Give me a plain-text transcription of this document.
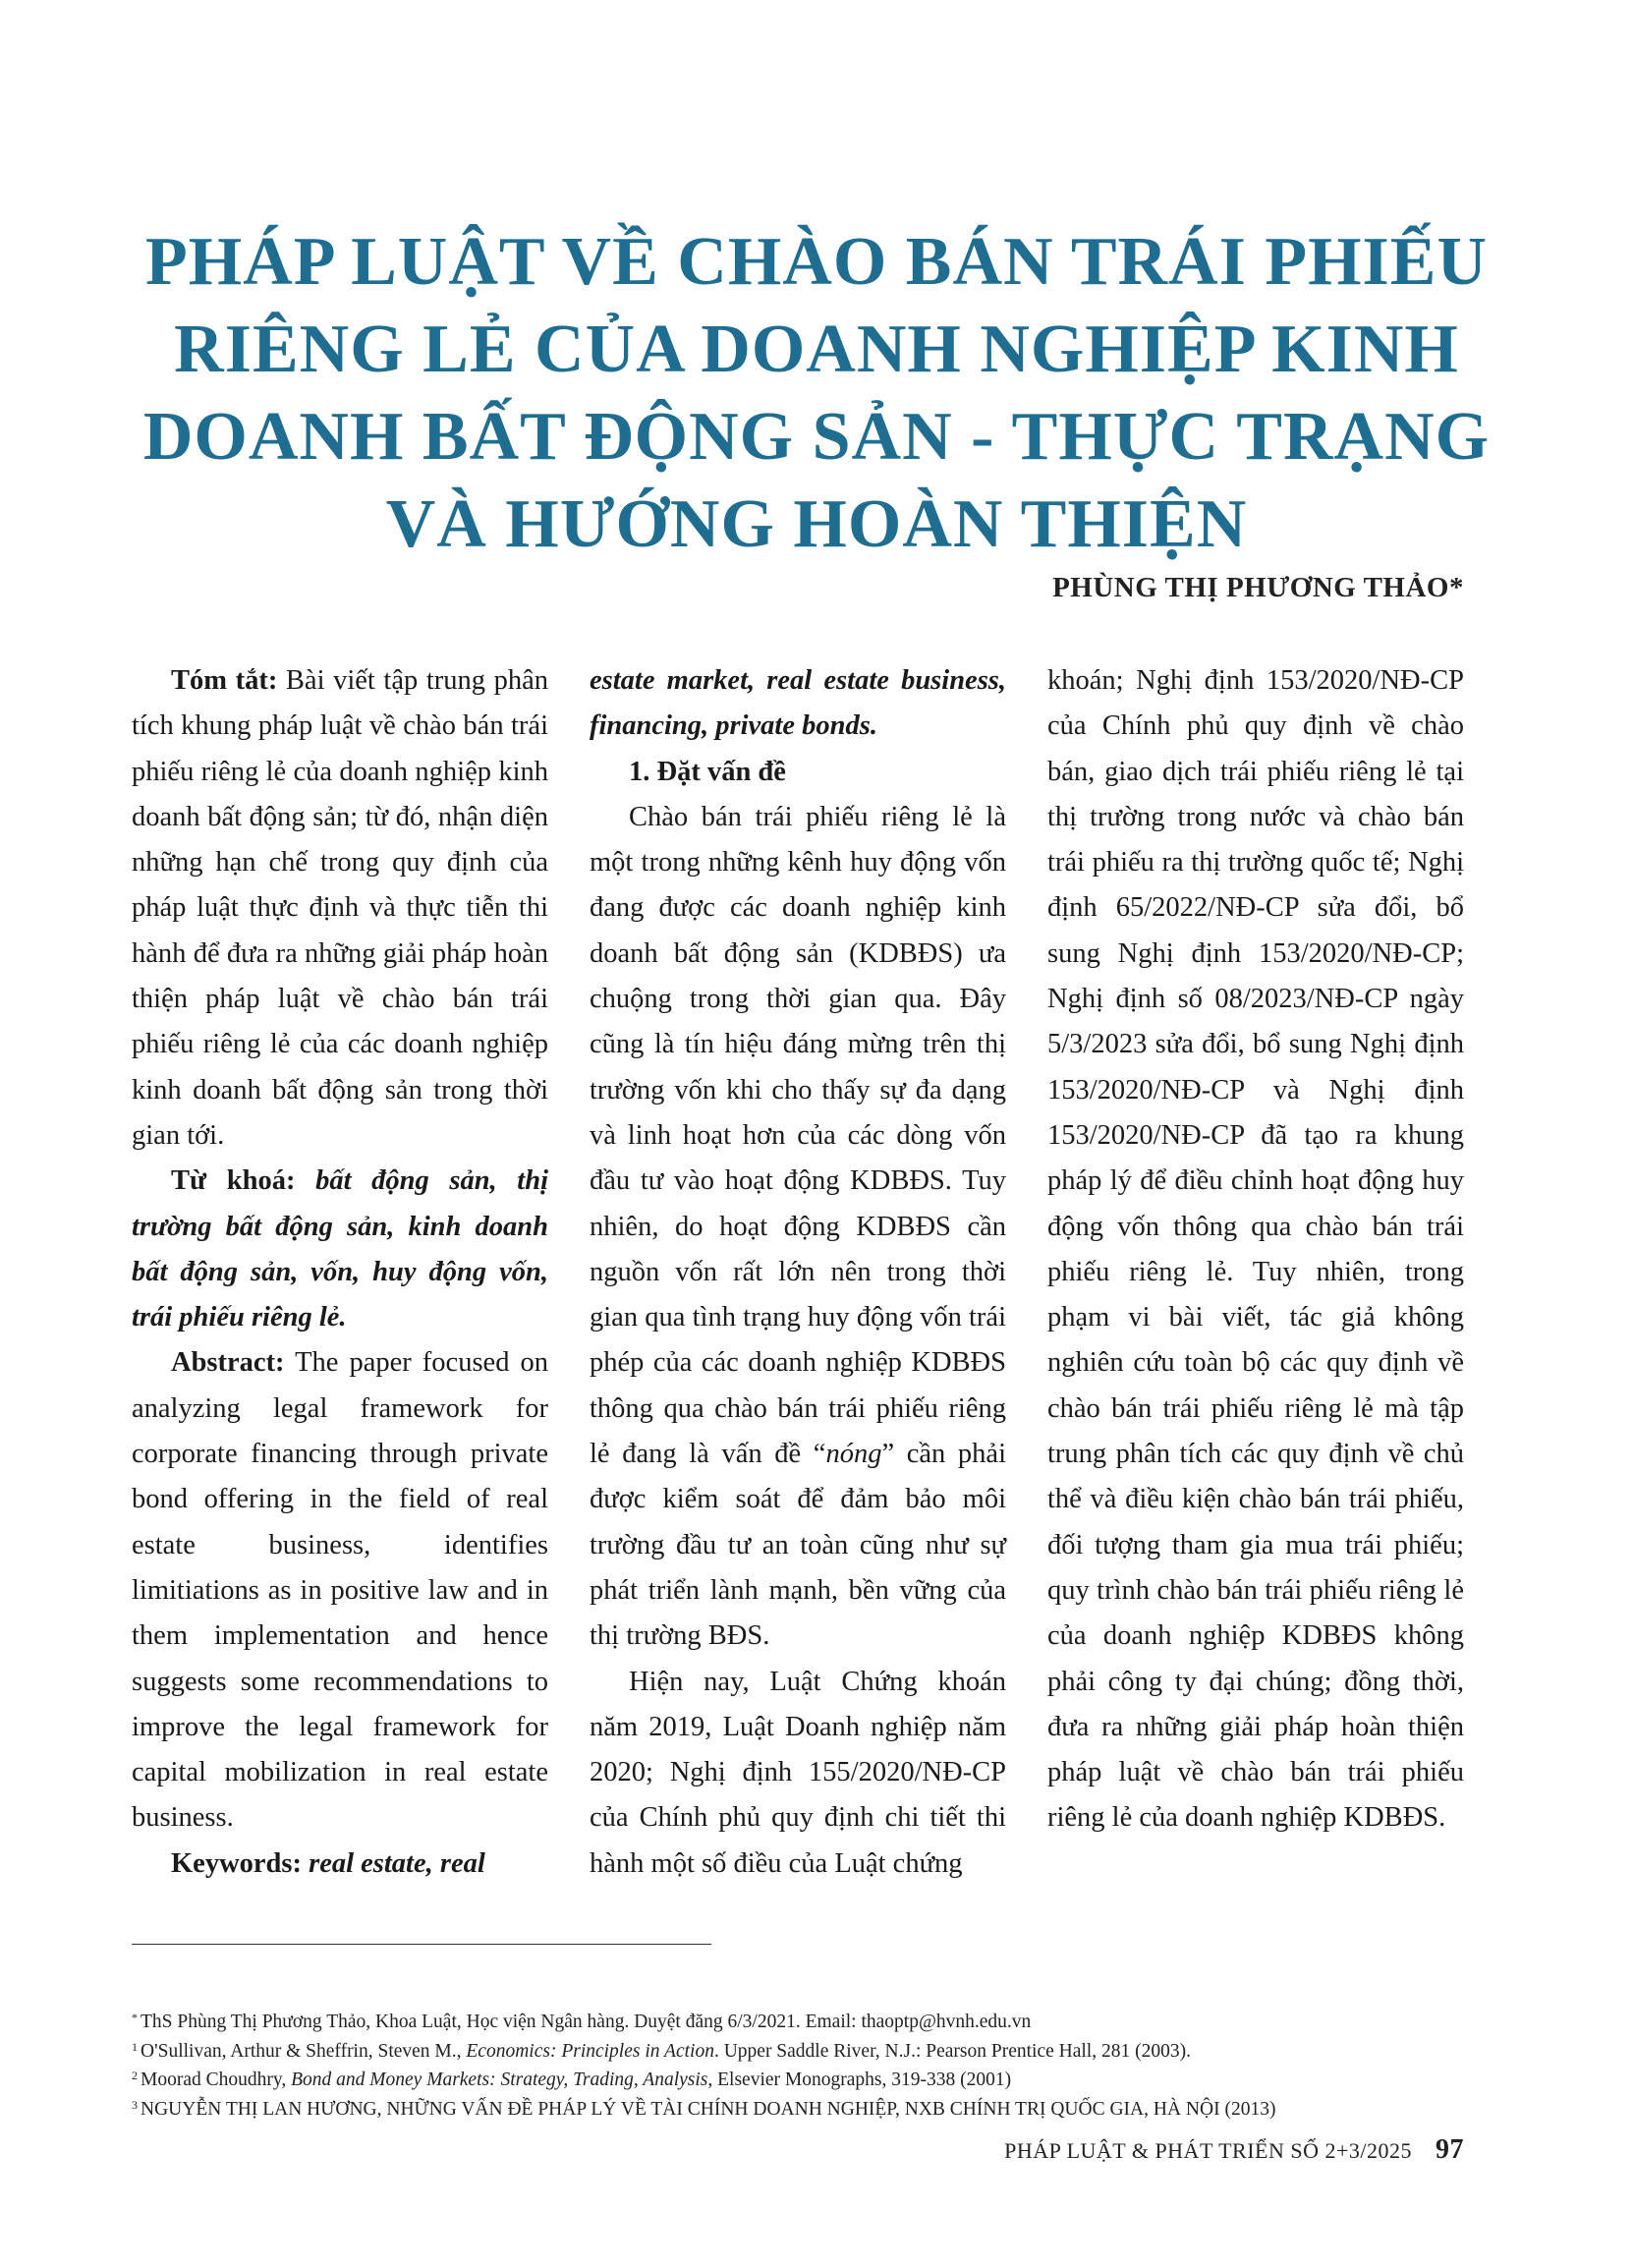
PHÁP LUẬT VỀ CHÀO BÁN TRÁI PHIẾU
RIÊNG LẺ CỦA DOANH NGHIỆP KINH
DOANH BẤT ĐỘNG SẢN - THỰC TRẠNG
VÀ HƯỚNG HOÀN THIỆN
PHÙNG THỊ PHƯƠNG THẢO*

Tóm tắt: Bài viết tập trung phân tích khung pháp luật về chào bán trái phiếu riêng lẻ của doanh nghiệp kinh doanh bất động sản; từ đó, nhận diện những hạn chế trong quy định của pháp luật thực định và thực tiễn thi hành để đưa ra những giải pháp hoàn thiện pháp luật về chào bán trái phiếu riêng lẻ của các doanh nghiệp kinh doanh bất động sản trong thời gian tới.

Từ khoá: bất động sản, thị trường bất động sản, kinh doanh bất động sản, vốn, huy động vốn, trái phiếu riêng lẻ.

Abstract: The paper focused on analyzing legal framework for corporate financing through private bond offering in the field of real estate business, identifies limitiations as in positive law and in them implementation and hence suggests some recommendations to improve the legal framework for capital mobilization in real estate business.

Keywords: real estate, real

estate market, real estate business, financing, private bonds.

1. Đặt vấn đề

Chào bán trái phiếu riêng lẻ là một trong những kênh huy động vốn đang được các doanh nghiệp kinh doanh bất động sản (KDBĐS) ưa chuộng trong thời gian qua. Đây cũng là tín hiệu đáng mừng trên thị trường vốn khi cho thấy sự đa dạng và linh hoạt hơn của các dòng vốn đầu tư vào hoạt động KDBĐS. Tuy nhiên, do hoạt động KDBĐS cần nguồn vốn rất lớn nên trong thời gian qua tình trạng huy động vốn trái phép của các doanh nghiệp KDBĐS thông qua chào bán trái phiếu riêng lẻ đang là vấn đề “nóng” cần phải được kiểm soát để đảm bảo môi trường đầu tư an toàn cũng như sự phát triển lành mạnh, bền vững của thị trường BĐS.

Hiện nay, Luật Chứng khoán năm 2019, Luật Doanh nghiệp năm 2020; Nghị định 155/2020/NĐ-CP của Chính phủ quy định chi tiết thi hành một số điều của Luật chứng

khoán; Nghị định 153/2020/NĐ-CP của Chính phủ quy định về chào bán, giao dịch trái phiếu riêng lẻ tại thị trường trong nước và chào bán trái phiếu ra thị trường quốc tế; Nghị định 65/2022/NĐ-CP sửa đổi, bổ sung Nghị định 153/2020/NĐ-CP; Nghị định số 08/2023/NĐ-CP ngày 5/3/2023 sửa đổi, bổ sung Nghị định 153/2020/NĐ-CP và Nghị định 153/2020/NĐ-CP đã tạo ra khung pháp lý để điều chỉnh hoạt động huy động vốn thông qua chào bán trái phiếu riêng lẻ. Tuy nhiên, trong phạm vi bài viết, tác giả không nghiên cứu toàn bộ các quy định về chào bán trái phiếu riêng lẻ mà tập trung phân tích các quy định về chủ thể và điều kiện chào bán trái phiếu, đối tượng tham gia mua trái phiếu; quy trình chào bán trái phiếu riêng lẻ của doanh nghiệp KDBĐS không phải công ty đại chúng; đồng thời, đưa ra những giải pháp hoàn thiện pháp luật về chào bán trái phiếu riêng lẻ của doanh nghiệp KDBĐS.

* ThS Phùng Thị Phương Thảo, Khoa Luật, Học viện Ngân hàng. Duyệt đăng 6/3/2021. Email: thaoptp@hvnh.edu.vn
$^1$ O'Sullivan, Arthur & Sheffrin, Steven M., Economics: Principles in Action. Upper Saddle River, N.J.: Pearson Prentice Hall, 281 (2003).
$^2$ Moorad Choudhry, Bond and Money Markets: Strategy, Trading, Analysis, Elsevier Monographs, 319-338 (2001)
$^3$ NGUYỄN THỊ LAN HƯƠNG, NHỮNG VẤN ĐỀ PHÁP LÝ VỀ TÀI CHÍNH DOANH NGHIỆP, NXB CHÍNH TRỊ QUỐC GIA, HÀ NỘI (2013)
PHÁP LUẬT & PHÁT TRIỂN SỐ 2+3/2025 97
